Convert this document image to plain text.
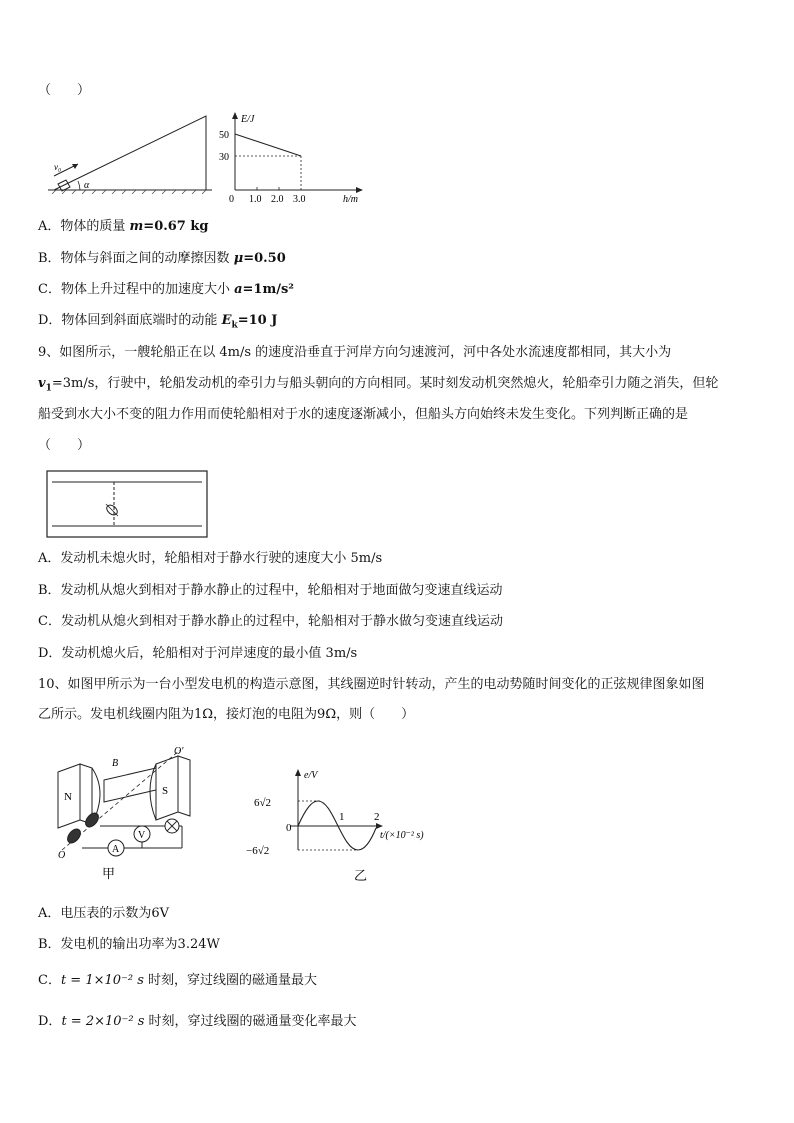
（　　）
v₀
α
E/J
50
30
0 1.0 2.0 3.0	h/m
A．物体的质量 m=0.67 kg
B．物体与斜面之间的动摩擦因数 μ=0.50
C．物体上升过程中的加速度大小 a=1m/s²
D．物体回到斜面底端时的动能 $E_k=10$ J
9、如图所示，一艘轮船正在以 4m/s 的速度沿垂直于河岸方向匀速渡河，河中各处水流速度都相同，其大小为
$v_1=3m/s$，行驶中，轮船发动机的牵引力与船头朝向的方向相同。某时刻发动机突然熄火，轮船牵引力随之消失，但轮
船受到水大小不变的阻力作用而使轮船相对于水的速度逐渐减小，但船头方向始终未发生变化。下列判断正确的是
（　　）
A．发动机未熄火时，轮船相对于静水行驶的速度大小 5m/s
B．发动机从熄火到相对于静水静止的过程中，轮船相对于地面做匀变速直线运动
C．发动机从熄火到相对于静水静止的过程中，轮船相对于静水做匀变速直线运动
D．发动机熄火后，轮船相对于河岸速度的最小值 3m/s
10、如图甲所示为一台小型发电机的构造示意图，其线圈逆时针转动，产生的电动势随时间变化的正弦规律图象如图
乙所示。发电机线圈内阻为1Ω，接灯泡的电阻为9Ω，则（　　）
N	S
B
O′
O
A
V
甲
e/V
6√2
0
−6√2
1	2
t/(×10⁻² s)
乙
A．电压表的示数为6V
B．发电机的输出功率为3.24W
C．t = 1×10⁻² s 时刻，穿过线圈的磁通量最大
D．t = 2×10⁻² s 时刻，穿过线圈的磁通量变化率最大
